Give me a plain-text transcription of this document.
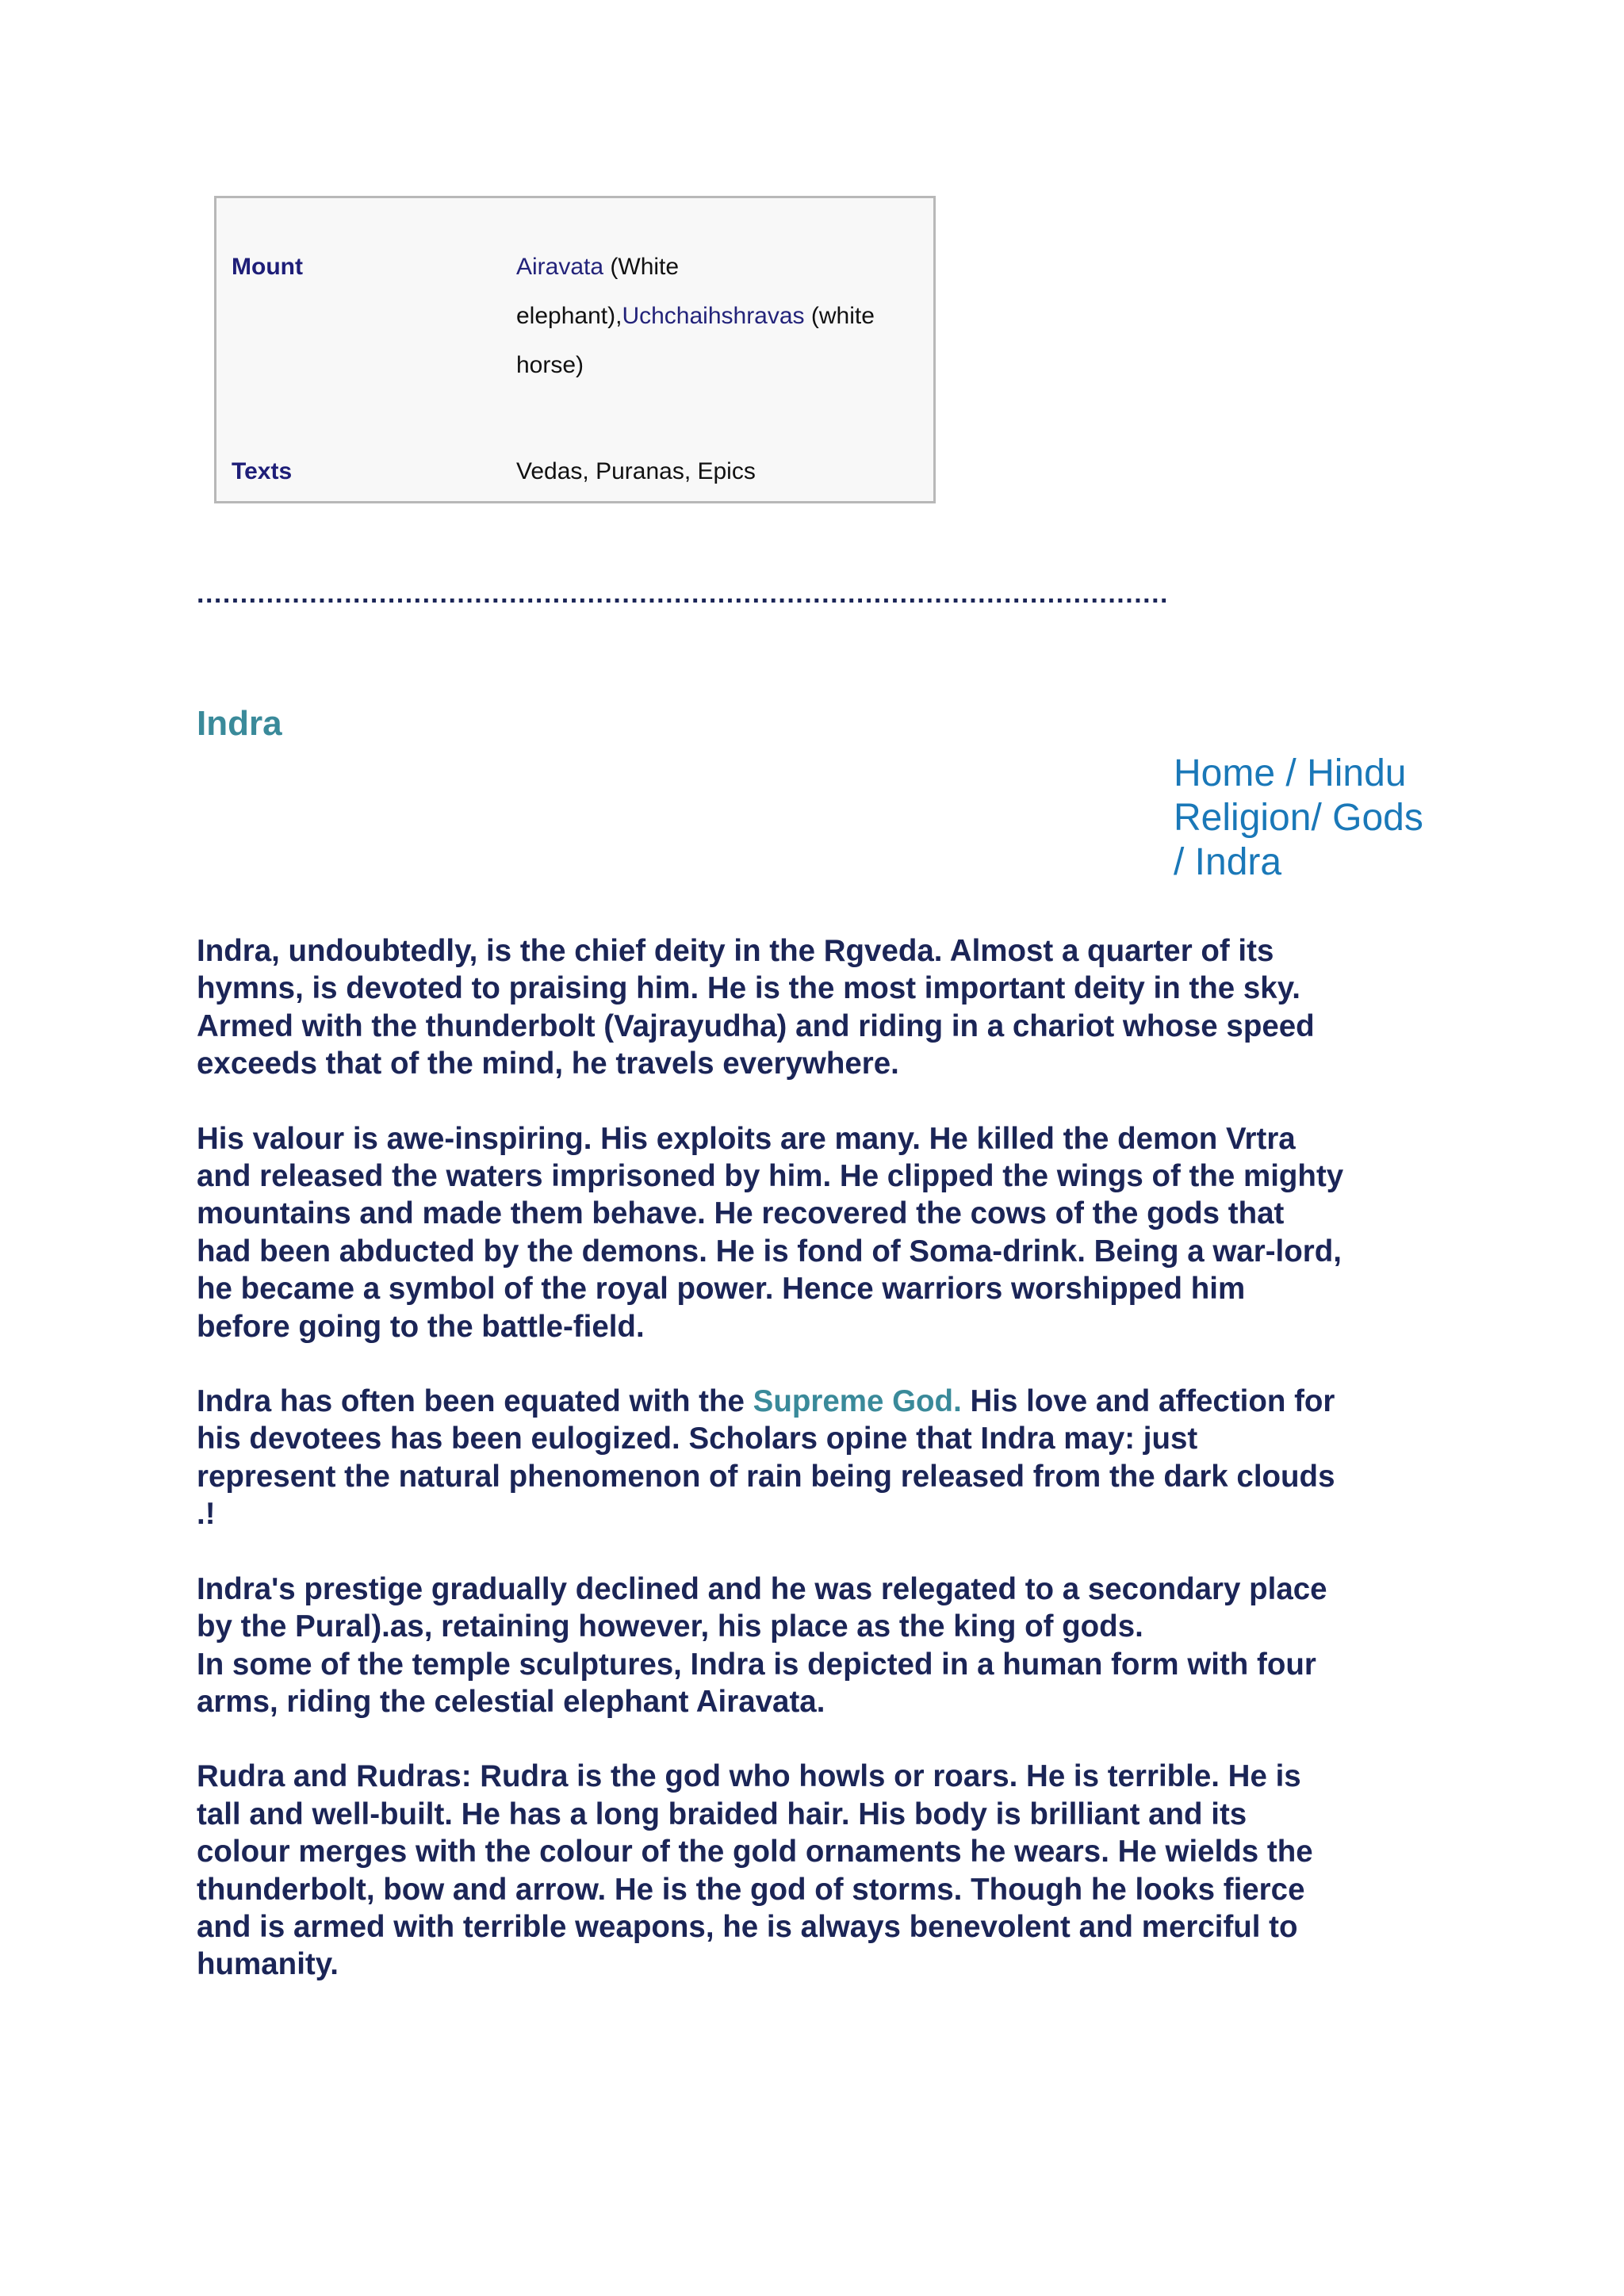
Mount	Airavata (White
elephant),Uchchaihshravas (white
horse)
Texts	Vedas, Puranas, Epics
................................................................................................................
Indra
Home / Hindu
Religion/ Gods
/ Indra

Indra, undoubtedly, is the chief deity in the Rgveda. Almost a quarter of its
hymns, is devoted to praising him. He is the most important deity in the sky.
Armed with the thunderbolt (Vajrayudha) and riding in a chariot whose speed
exceeds that of the mind, he travels everywhere.

His valour is awe-inspiring. His exploits are many. He killed the demon Vrtra
and released the waters imprisoned by him. He clipped the wings of the mighty
mountains and made them behave. He recovered the cows of the gods that
had been abducted by the demons. He is fond of Soma-drink. Being a war-lord,
he became a symbol of the royal power. Hence warriors worshipped him
before going to the battle-field.

Indra has often been equated with the Supreme God. His love and affection for
his devotees has been eulogized. Scholars opine that Indra may: just
represent the natural phenomenon of rain being released from the dark clouds
.!

Indra's prestige gradually declined and he was relegated to a secondary place
by the Pural).as, retaining however, his place as the king of gods.
In some of the temple sculptures, Indra is depicted in a human form with four
arms, riding the celestial elephant Airavata.

Rudra and Rudras: Rudra is the god who howls or roars. He is terrible. He is
tall and well-built. He has a long braided hair. His body is brilliant and its
colour merges with the colour of the gold ornaments he wears. He wields the
thunderbolt, bow and arrow. He is the god of storms. Though he looks fierce
and is armed with terrible weapons, he is always benevolent and merciful to
humanity.
